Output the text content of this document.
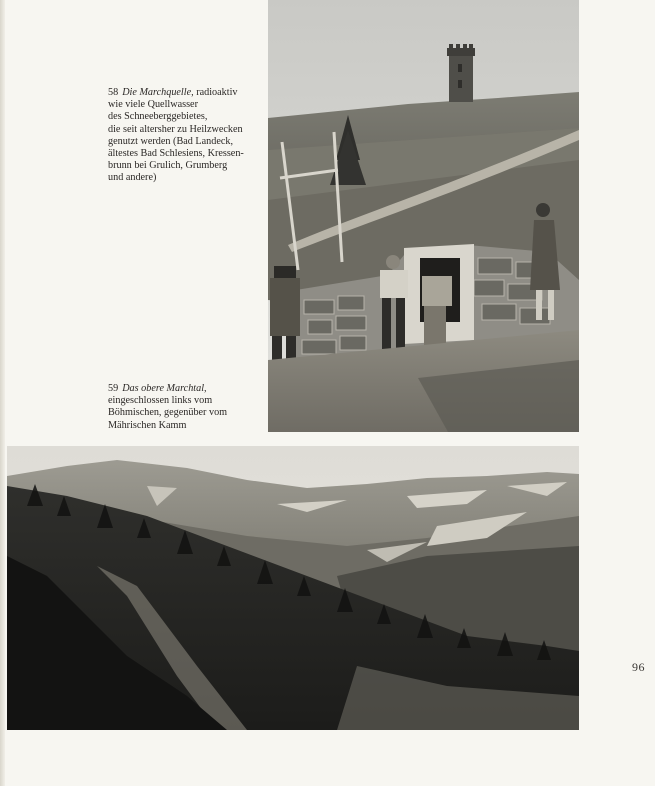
58 Die Marchquelle, radioaktiv
wie viele Quellwasser
des Schneeberggebietes,
die seit altersher zu Heilzwecken
genutzt werden (Bad Landeck,
ältestes Bad Schlesiens, Kressen-
brunn bei Grulich, Grumberg
und andere)
59 Das obere Marchtal,
eingeschlossen links vom
Böhmischen, gegenüber vom
Mährischen Kamm
96
